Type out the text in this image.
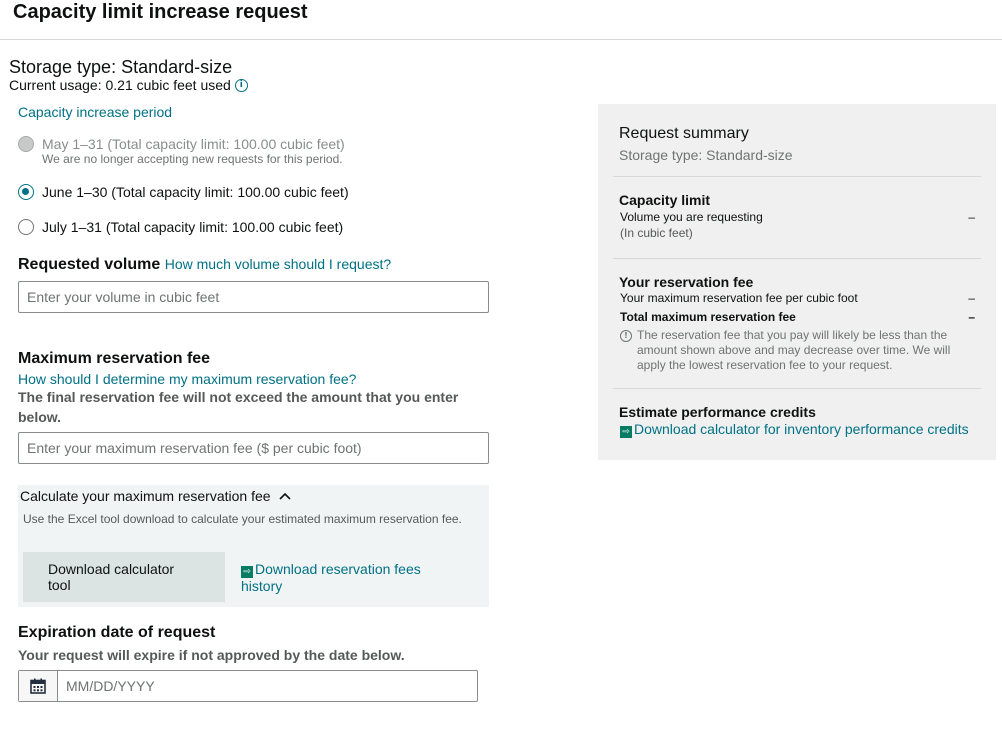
Capacity limit increase request
Storage type: Standard-size
Current usage: 0.21 cubic feet used i
Capacity increase period
May 1–31 (Total capacity limit: 100.00 cubic feet)
We are no longer accepting new requests for this period.
June 1–30 (Total capacity limit: 100.00 cubic feet)
July 1–31 (Total capacity limit: 100.00 cubic feet)
Requested volume How much volume should I request?
Enter your volume in cubic feet
Maximum reservation fee
How should I determine my maximum reservation fee?
The final reservation fee will not exceed the amount that you enter below.
Enter your maximum reservation fee ($ per cubic foot)
Calculate your maximum reservation fee
Use the Excel tool download to calculate your estimated maximum reservation fee.
Download calculator tool
⇨ Download reservation fees history
Expiration date of request
Your request will expire if not approved by the date below.
MM/DD/YYYY
Request summary
Storage type: Standard-size
Capacity limit
Volume you are requesting	–
(In cubic feet)
Your reservation fee
Your maximum reservation fee per cubic foot	–
Total maximum reservation fee	–
! The reservation fee that you pay will likely be less than the amount shown above and may decrease over time. We will apply the lowest reservation fee to your request.
Estimate performance credits
⇨ Download calculator for inventory performance credits
